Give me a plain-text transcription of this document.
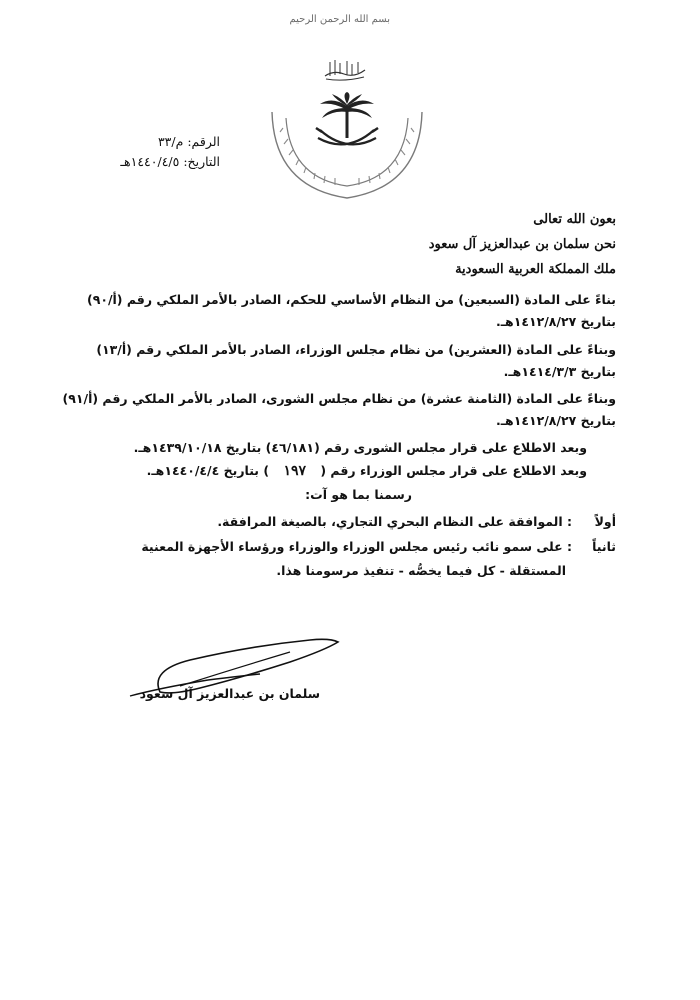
بسم الله الرحمن الرحيم
الرقم: م/٣٣
التاريخ: ١٤٤٠/٤/٥هـ
بعون الله تعالى
نحن سلمان بن عبدالعزيز آل سعود
ملك المملكة العربية السعودية
بناءً على المادة (السبعين) من النظام الأساسي للحكم، الصادر بالأمر الملكي رقم (أ/٩٠)
بتاريخ ١٤١٢/٨/٢٧هـ.
وبناءً على المادة (العشرين) من نظام مجلس الوزراء، الصادر بالأمر الملكي رقم (أ/١٣)
بتاريخ ١٤١٤/٣/٣هـ.
وبناءً على المادة (الثامنة عشرة) من نظام مجلس الشورى، الصادر بالأمر الملكي رقم (أ/٩١)
بتاريخ ١٤١٢/٨/٢٧هـ.
وبعد الاطلاع على قرار مجلس الشورى رقم (٤٦/١٨١) بتاريخ ١٤٣٩/١٠/١٨هـ.
وبعد الاطلاع على قرار مجلس الوزراء رقم ( ١٩٧ ) بتاريخ ١٤٤٠/٤/٤هـ.
رسمنا بما هو آت:
أولاً
: الموافقة على النظام البحري التجاري، بالصيغة المرافقة.
ثانياً
: على سمو نائب رئيس مجلس الوزراء والوزراء ورؤساء الأجهزة المعنية
المستقلة - كل فيما يخصُّه - تنفيذ مرسومنا هذا.
سلمان بن عبدالعزيز آل سعود
